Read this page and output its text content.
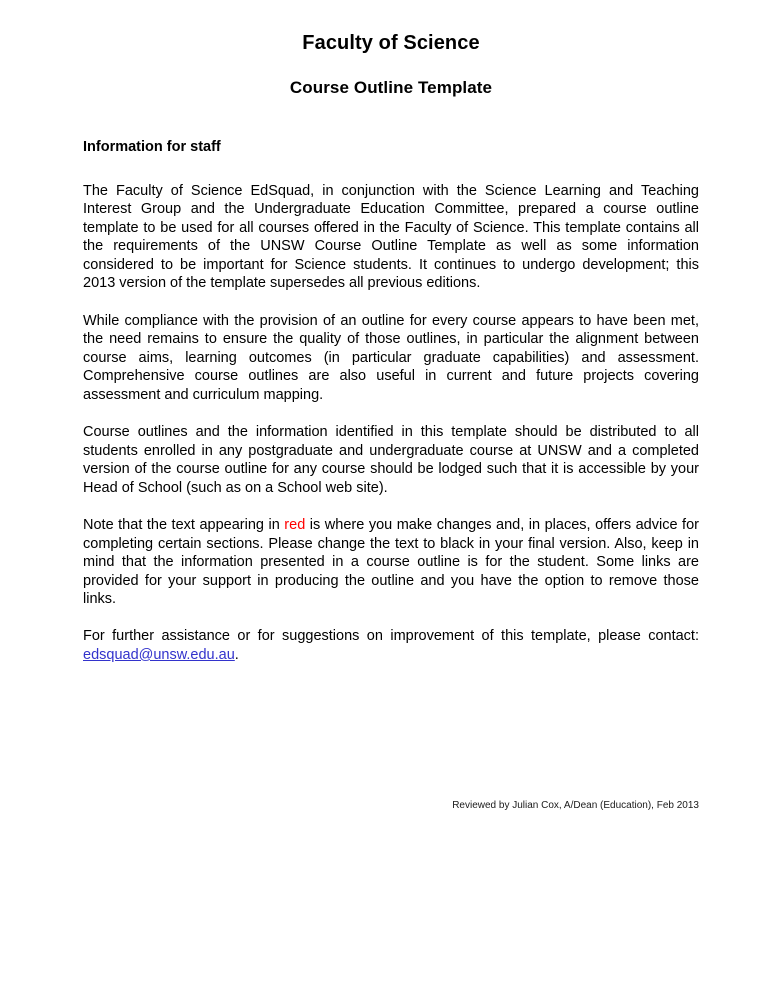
Faculty of Science
Course Outline Template
Information for staff

The Faculty of Science EdSquad, in conjunction with the Science Learning and Teaching Interest Group and the Undergraduate Education Committee, prepared a course outline template to be used for all courses offered in the Faculty of Science. This template contains all the requirements of the UNSW Course Outline Template as well as some information considered to be important for Science students. It continues to undergo development; this 2013 version of the template supersedes all previous editions.

While compliance with the provision of an outline for every course appears to have been met, the need remains to ensure the quality of those outlines, in particular the alignment between course aims, learning outcomes (in particular graduate capabilities) and assessment. Comprehensive course outlines are also useful in current and future projects covering assessment and curriculum mapping.

Course outlines and the information identified in this template should be distributed to all students enrolled in any postgraduate and undergraduate course at UNSW and a completed version of the course outline for any course should be lodged such that it is accessible by your Head of School (such as on a School web site).

Note that the text appearing in red is where you make changes and, in places, offers advice for completing certain sections. Please change the text to black in your final version. Also, keep in mind that the information presented in a course outline is for the student. Some links are provided for your support in producing the outline and you have the option to remove those links.

For further assistance or for suggestions on improvement of this template, please contact: edsquad@unsw.edu.au.

Reviewed by Julian Cox, A/Dean (Education), Feb 2013
